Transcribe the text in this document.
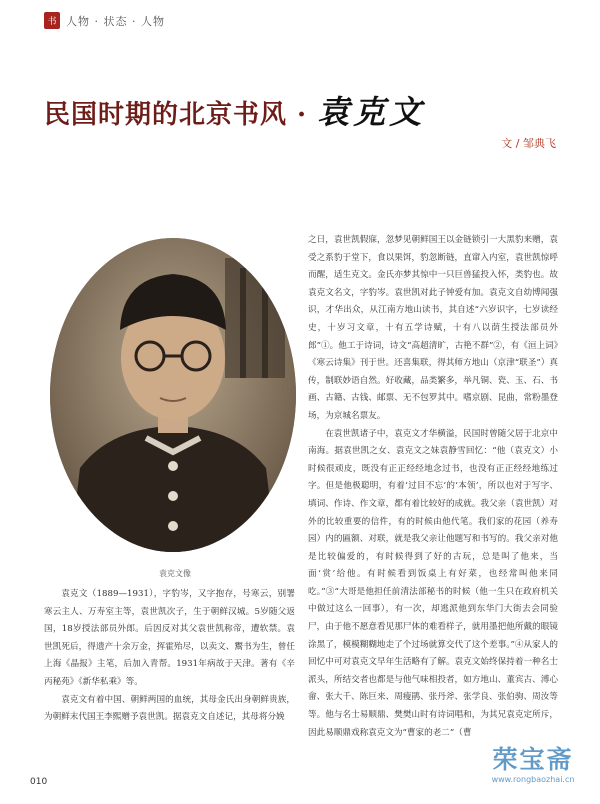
书 人物 · 状态 · 人物
民国时期的北京书风 · 袁克文
文 / 邹典飞
袁克文像

袁克文（1889—1931），字豹岑，又字抱存，号寒云，别署寒云主人、万寿室主等，袁世凯次子，生于朝鲜汉城。5岁随父返国，18岁授法部员外郎。后因反对其父袁世凯称帝，遭软禁。袁世凯死后，得遗产十余万金，挥霍殆尽，以卖文、鬻书为生，曾任上海《晶报》主笔，后加入青帮。1931年病故于天津。著有《辛丙秘苑》《新华私乘》等。

袁克文有着中国、朝鲜两国的血统，其母金氏出身朝鲜贵族，为朝鲜末代国王李熙赠予袁世凯。据袁克文自述记，其母将分娩

之日，袁世凯假寐，忽梦见朝鲜国王以金链锁引一大黑豹来赠，袁受之系豹于堂下，食以果饵，豹忽断链，直窜入内室，袁世凯惊呼而醒，适生克文。金氏亦梦其惊中一只巨兽猛投入怀，类豹也。故袁克文名文，字豹岑。袁世凯对此子钟爱有加。袁克文自幼博闻强识，才华出众，从江南方地山读书，其自述“六岁识字，七岁读经史，十岁习文章，十有五学诗赋，十有八以荫生授法部员外郎”①。他工于诗词，诗文“高超清旷，古艳不群”②，有《洹上词》《寒云诗集》刊于世。还喜集联，得其师方地山（京津“联圣”）真传，制联妙语自然。好收藏，品类繁多，举凡铜、瓷、玉、石、书画、古籍、古钱、邮票、无不包罗其中。嗜京剧、昆曲，常粉墨登场，为京城名票友。

在袁世凯诸子中，袁克文才华横溢，民国时曾随父居于北京中南海。据袁世凯之女、袁克文之妹袁静雪回忆：“他（袁克文）小时候很顽皮，既没有正正经经地念过书，也没有正正经经地练过字。但是他极聪明，有着‘过目不忘’的‘本领’，所以也对于写字、填词、作诗、作文章，都有着比较好的成就。我父亲（袁世凯）对外的比较重要的信件，有的时候由他代笔。我们家的花园（养寿园）内的匾额、对联，就是我父亲让他题写和书写的。我父亲对他是比较偏爱的，有时候得到了好的古玩，总是叫了他来，当面‘赏’给他。有时候看到饭桌上有好菜，也经常叫他来同吃。”③“大哥是他担任前清法部秘书的时候（他一生只在政府机关中做过这么一回事），有一次，却逃派他到东华门大街去会同验尸，由于他不愿意看见那尸体的难看样子，就用墨把他所戴的眼镜涂黑了，模模糊糊地走了个过场就算交代了这个差事。”④从家人的回忆中可对袁克文早年生活略有了解。袁克文始终保持着一种名士派头，所结交者也都是与他气味相投者，如方地山、董宾古、溥心畲、张大千、陈巨来、周瘦鹃、张丹斧、张学良、张伯驹、周汝等等。他与名士易顺鼎、樊樊山时有诗词唱和，为其兄袁克定所斥，因此易顺鼎戏称袁克文为“曹家的老二”（曹

010
荣宝斋
www.rongbaozhai.cn
